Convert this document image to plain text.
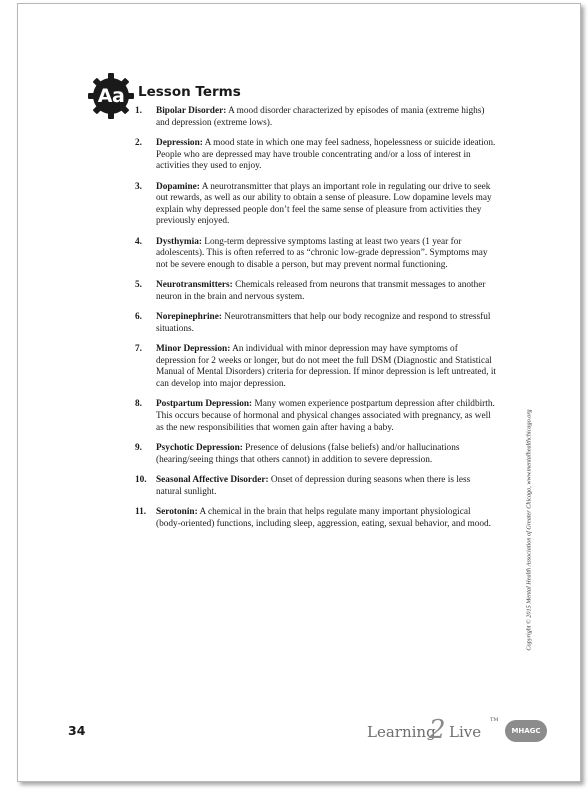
Aa	Lesson Terms
1.	Bipolar Disorder: A mood disorder characterized by episodes of mania (extreme highs) and depression (extreme lows).
2.	Depression: A mood state in which one may feel sadness, hopelessness or suicide ideation. People who are depressed may have trouble concentrating and/or a loss of interest in activities they used to enjoy.
3.	Dopamine: A neurotransmitter that plays an important role in regulating our drive to seek out rewards, as well as our ability to obtain a sense of pleasure. Low dopamine levels may explain why depressed people don’t feel the same sense of pleasure from activities they previously enjoyed.
4.	Dysthymia: Long-term depressive symptoms lasting at least two years (1 year for adolescents). This is often referred to as “chronic low-grade depression”. Symptoms may not be severe enough to disable a person, but may prevent normal functioning.
5.	Neurotransmitters: Chemicals released from neurons that transmit messages to another neuron in the brain and nervous system.
6.	Norepinephrine: Neurotransmitters that help our body recognize and respond to stressful situations.
7.	Minor Depression: An individual with minor depression may have symptoms of depression for 2 weeks or longer, but do not meet the full DSM (Diagnostic and Statistical Manual of Mental Disorders) criteria for depression. If minor depression is left untreated, it can develop into major depression.
8.	Postpartum Depression: Many women experience postpartum depression after childbirth. This occurs because of hormonal and physical changes associated with pregnancy, as well as the new responsibilities that women gain after having a baby.
9.	Psychotic Depression: Presence of delusions (false beliefs) and/or hallucinations (hearing/seeing things that others cannot) in addition to severe depression.
10.	Seasonal Affective Disorder: Onset of depression during seasons when there is less natural sunlight.
11.	Serotonin: A chemical in the brain that helps regulate many important physiological (body-oriented) functions, including sleep, aggression, eating, sexual behavior, and mood.	Copyright © 2015 Mental Health Association of Greater Chicago, www.mentalhealthchicago.org
34	Learning
2 Live
TM
MHAGC
